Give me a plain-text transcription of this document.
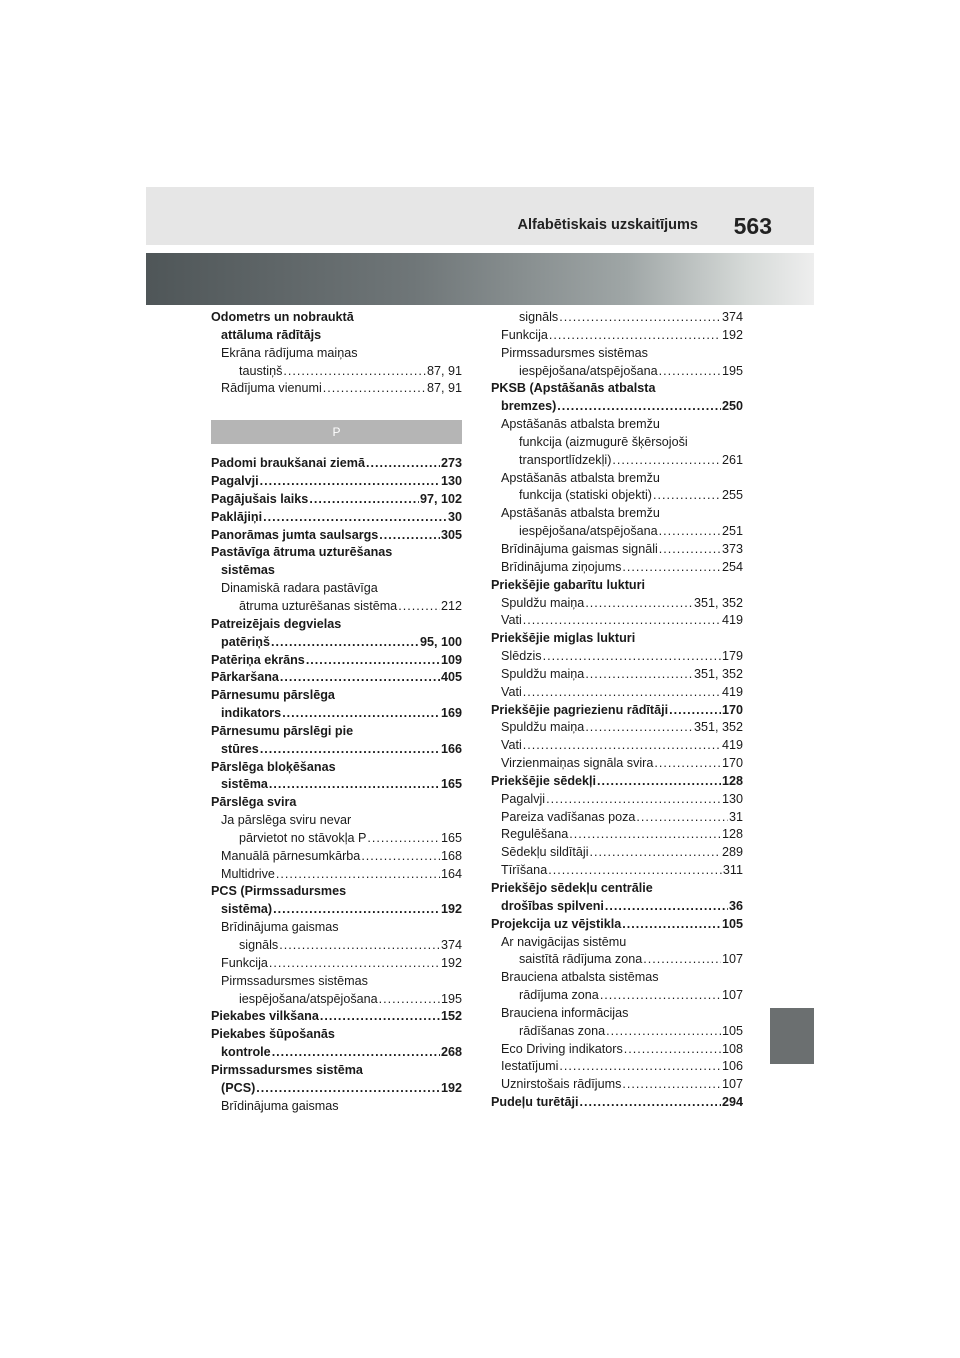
Alfabētiskais uzskaitījums 563
Odometrs un nobrauktā
attāluma rādītājs
Ekrāna rādījuma maiņas
taustiņš .....	87, 91
Rādījuma vienumi .....	87, 91
P
Padomi braukšanai ziemā .....	273
Pagalvji .....	130
Pagājušais laiks .....	97, 102
Paklājiņi .....	30
Panorāmas jumta saulsargs .....	305
Pastāvīga ātruma uzturēšanas
sistēmas
Dinamiskā radara pastāvīga
ātruma uzturēšanas sistēma .....	212
Patreizējais degvielas
patēriņš .....	95, 100
Patēriņa ekrāns .....	109
Pārkaršana .....	405
Pārnesumu pārslēga
indikators .....	169
Pārnesumu pārslēgi pie
stūres .....	166
Pārslēga bloķēšanas
sistēma .....	165
Pārslēga svira
Ja pārslēga sviru nevar
pārvietot no stāvokļa P .....	165
Manuālā pārnesumkārba .....	168
Multidrive .....	164
PCS (Pirmssadursmes
sistēma) .....	192
Brīdinājuma gaismas
signāls .....	374
Funkcija .....	192
Pirmssadursmes sistēmas
iespējošana/atspējošana .....	195
Piekabes vilkšana .....	152
Piekabes šūpošanās
kontrole .....	268
Pirmssadursmes sistēma
(PCS) .....	192
Brīdinājuma gaismas
signāls .....	374
Funkcija .....	192
Pirmssadursmes sistēmas
iespējošana/atspējošana .....	195
PKSB (Apstāšanās atbalsta
bremzes) .....	250
Apstāšanās atbalsta bremžu
funkcija (aizmugurē šķērsojoši
transportlīdzekļi) .....	261
Apstāšanās atbalsta bremžu
funkcija (statiski objekti) .....	255
Apstāšanās atbalsta bremžu
iespējošana/atspējošana .....	251
Brīdinājuma gaismas signāli .....	373
Brīdinājuma ziņojums .....	254
Priekšējie gabarītu lukturi
Spuldžu maiņa .....	351, 352
Vati .....	419
Priekšējie miglas lukturi
Slēdzis .....	179
Spuldžu maiņa .....	351, 352
Vati .....	419
Priekšējie pagriezienu rādītāji .....	170
Spuldžu maiņa .....	351, 352
Vati .....	419
Virzienmaiņas signāla svira .....	170
Priekšējie sēdekļi .....	128
Pagalvji .....	130
Pareiza vadīšanas poza .....	31
Regulēšana .....	128
Sēdekļu sildītāji .....	289
Tīrīšana .....	311
Priekšējo sēdekļu centrālie
drošības spilveni .....	36
Projekcija uz vējstikla .....	105
Ar navigācijas sistēmu
saistītā rādījuma zona .....	107
Brauciena atbalsta sistēmas
rādījuma zona .....	107
Brauciena informācijas
rādīšanas zona .....	105
Eco Driving indikators .....	108
Iestatījumi .....	106
Uznirstošais rādījums .....	107
Pudeļu turētāji .....	294
